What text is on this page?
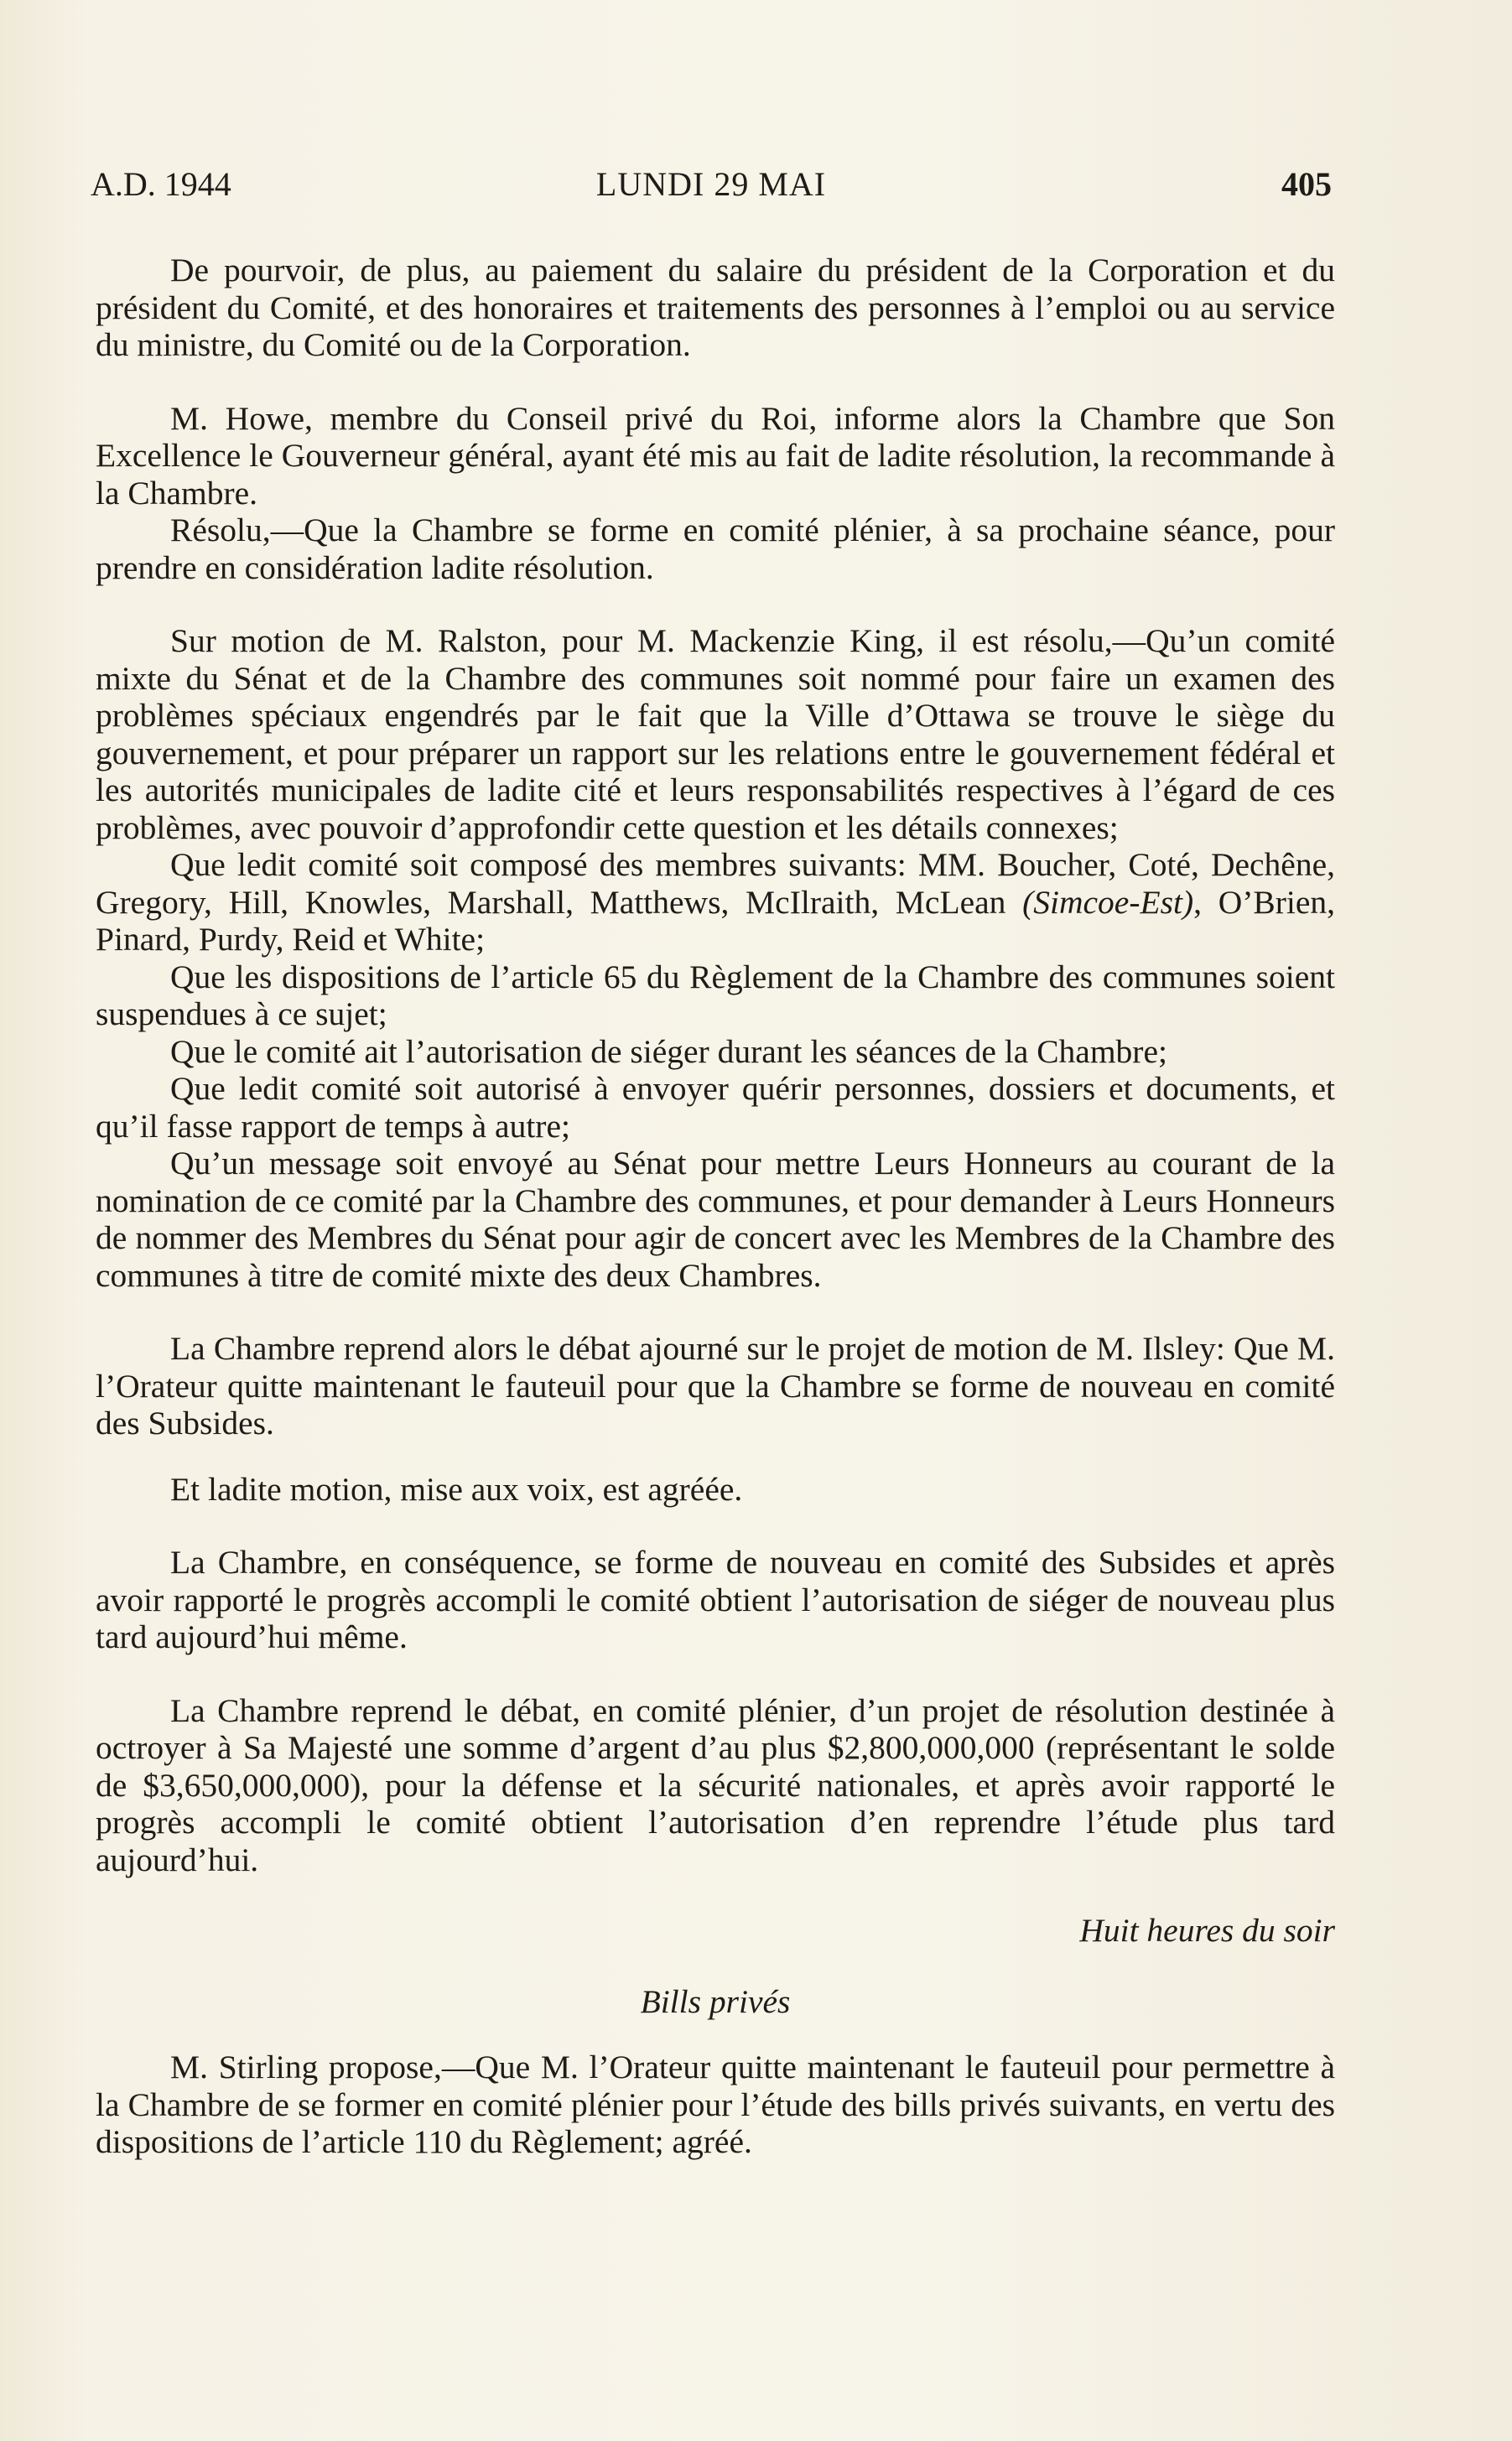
A.D. 1944	LUNDI 29 MAI	405

De pourvoir, de plus, au paiement du salaire du président de la Corporation et du président du Comité, et des honoraires et traitements des personnes à l’emploi ou au service du ministre, du Comité ou de la Corporation.

M. Howe, membre du Conseil privé du Roi, informe alors la Chambre que Son Excellence le Gouverneur général, ayant été mis au fait de ladite résolution, la recommande à la Chambre.

Résolu,—Que la Chambre se forme en comité plénier, à sa prochaine séance, pour prendre en considération ladite résolution.

Sur motion de M. Ralston, pour M. Mackenzie King, il est résolu,—Qu’un comité mixte du Sénat et de la Chambre des communes soit nommé pour faire un examen des problèmes spéciaux engendrés par le fait que la Ville d’Ottawa se trouve le siège du gouvernement, et pour préparer un rapport sur les relations entre le gouvernement fédéral et les autorités municipales de ladite cité et leurs responsabilités respectives à l’égard de ces problèmes, avec pouvoir d’approfondir cette question et les détails connexes;

Que ledit comité soit composé des membres suivants: MM. Boucher, Coté, Dechêne, Gregory, Hill, Knowles, Marshall, Matthews, McIlraith, McLean (Simcoe-Est), O’Brien, Pinard, Purdy, Reid et White;

Que les dispositions de l’article 65 du Règlement de la Chambre des communes soient suspendues à ce sujet;

Que le comité ait l’autorisation de siéger durant les séances de la Chambre;

Que ledit comité soit autorisé à envoyer quérir personnes, dossiers et documents, et qu’il fasse rapport de temps à autre;

Qu’un message soit envoyé au Sénat pour mettre Leurs Honneurs au courant de la nomination de ce comité par la Chambre des communes, et pour demander à Leurs Honneurs de nommer des Membres du Sénat pour agir de concert avec les Membres de la Chambre des communes à titre de comité mixte des deux Chambres.

La Chambre reprend alors le débat ajourné sur le projet de motion de M. Ilsley: Que M. l’Orateur quitte maintenant le fauteuil pour que la Chambre se forme de nouveau en comité des Subsides.

Et ladite motion, mise aux voix, est agréée.

La Chambre, en conséquence, se forme de nouveau en comité des Subsides et après avoir rapporté le progrès accompli le comité obtient l’autorisation de siéger de nouveau plus tard aujourd’hui même.

La Chambre reprend le débat, en comité plénier, d’un projet de résolution destinée à octroyer à Sa Majesté une somme d’argent d’au plus $2,800,000,000 (représentant le solde de $3,650,000,000), pour la défense et la sécurité nationales, et après avoir rapporté le progrès accompli le comité obtient l’autorisation d’en reprendre l’étude plus tard aujourd’hui.

Huit heures du soir

Bills privés

M. Stirling propose,—Que M. l’Orateur quitte maintenant le fauteuil pour permettre à la Chambre de se former en comité plénier pour l’étude des bills privés suivants, en vertu des dispositions de l’article 110 du Règlement; agréé.
